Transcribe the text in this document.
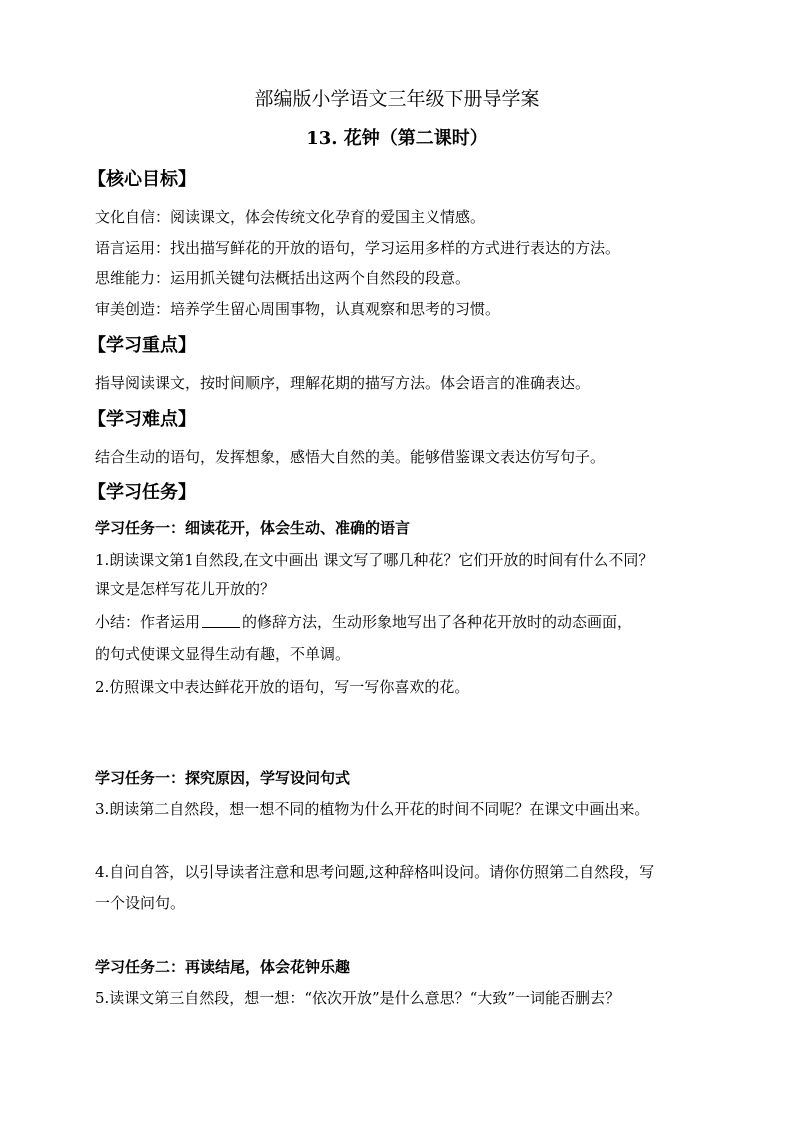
部编版小学语文三年级下册导学案
13. 花钟（第二课时）
【核心目标】
文化自信：阅读课文，体会传统文化孕育的爱国主义情感。
语言运用：找出描写鲜花的开放的语句，学习运用多样的方式进行表达的方法。
思维能力：运用抓关键句法概括出这两个自然段的段意。
审美创造：培养学生留心周围事物，认真观察和思考的习惯。
【学习重点】
指导阅读课文，按时间顺序，理解花期的描写方法。体会语言的准确表达。
【学习难点】
结合生动的语句，发挥想象，感悟大自然的美。能够借鉴课文表达仿写句子。
【学习任务】
学习任务一：细读花开，体会生动、准确的语言
1.朗读课文第1自然段,在文中画出 课文写了哪几种花？它们开放的时间有什么不同？
课文是怎样写花儿开放的？
小结：作者运用	的修辞方法，生动形象地写出了各种花开放时的动态画面，
的句式使课文显得生动有趣，不单调。
2.仿照课文中表达鲜花开放的语句，写一写你喜欢的花。
学习任务一：探究原因，学写设问句式
3.朗读第二自然段，想一想不同的植物为什么开花的时间不同呢？在课文中画出来。
4.自问自答，以引导读者注意和思考问题,这种辞格叫设问。请你仿照第二自然段，写
一个设问句。
学习任务二：再读结尾，体会花钟乐趣
5.读课文第三自然段，想一想：“依次开放”是什么意思？“大致”一词能否删去？
